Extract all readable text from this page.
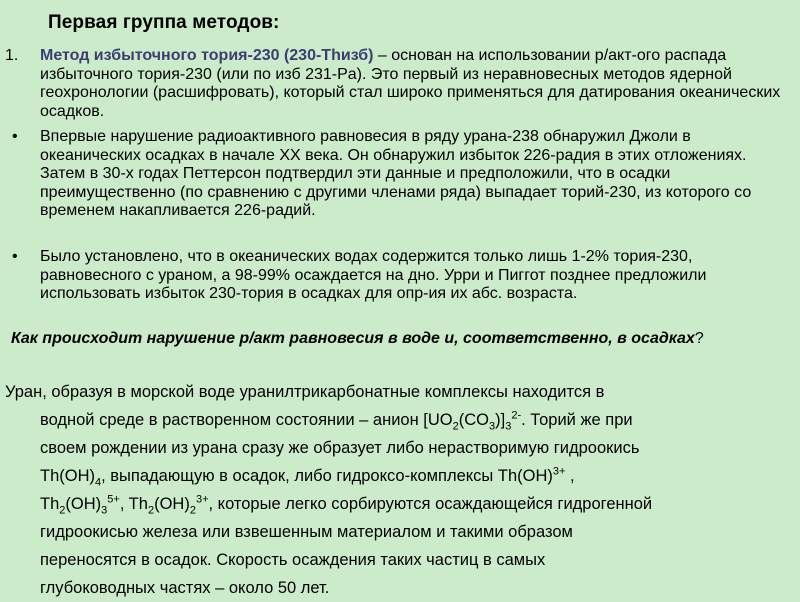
Первая группа методов:
1. Метод избыточного тория-230 (230-Thизб) – основан на использовании р/акт-ого распада избыточного тория-230 (или по изб 231-Pa). Это первый из неравновесных методов ядерной геохронологии (расшифровать), который стал широко применяться для датирования океанических осадков.
• Впервые нарушение радиоактивного равновесия в ряду урана-238 обнаружил Джоли в океанических осадках в начале XX века. Он обнаружил избыток 226-радия в этих отложениях. Затем в 30-х годах Петтерсон подтвердил эти данные и предположили, что в осадки преимущественно (по сравнению с другими членами ряда) выпадает торий-230, из которого со временем накапливается 226-радий.
• Было установлено, что в океанических водах содержится только лишь 1-2% тория-230, равновесного с ураном, а 98-99% осаждается на дно. Урри и Пиггот позднее предложили использовать избыток 230-тория в осадках для опр-ия их абс. возраста.
Как происходит нарушение р/акт равновесия в воде и, соответственно, в осадках?

Уран, образуя в морской воде уранилтрикарбонатные комплексы находится в
водной среде в растворенном состоянии – анион $[UO_2(CO_3)]_3^{2-}$. Торий же при
своем рождении из урана сразу же образует либо нерастворимую гидроокись
$Th(OH)_4$, выпадающую в осадок, либо гидроксо-комплексы Th(OH)$^{3+}$ ,
$Th_2(OH)_3^{5+}$, $Th_2(OH)_2^{3+}$, которые легко сорбируются осаждающейся гидрогенной
гидроокисью железа или взвешенным материалом и такими образом
переносятся в осадок. Скорость осаждения таких частиц в самых
глубоководных частях – около 50 лет.
